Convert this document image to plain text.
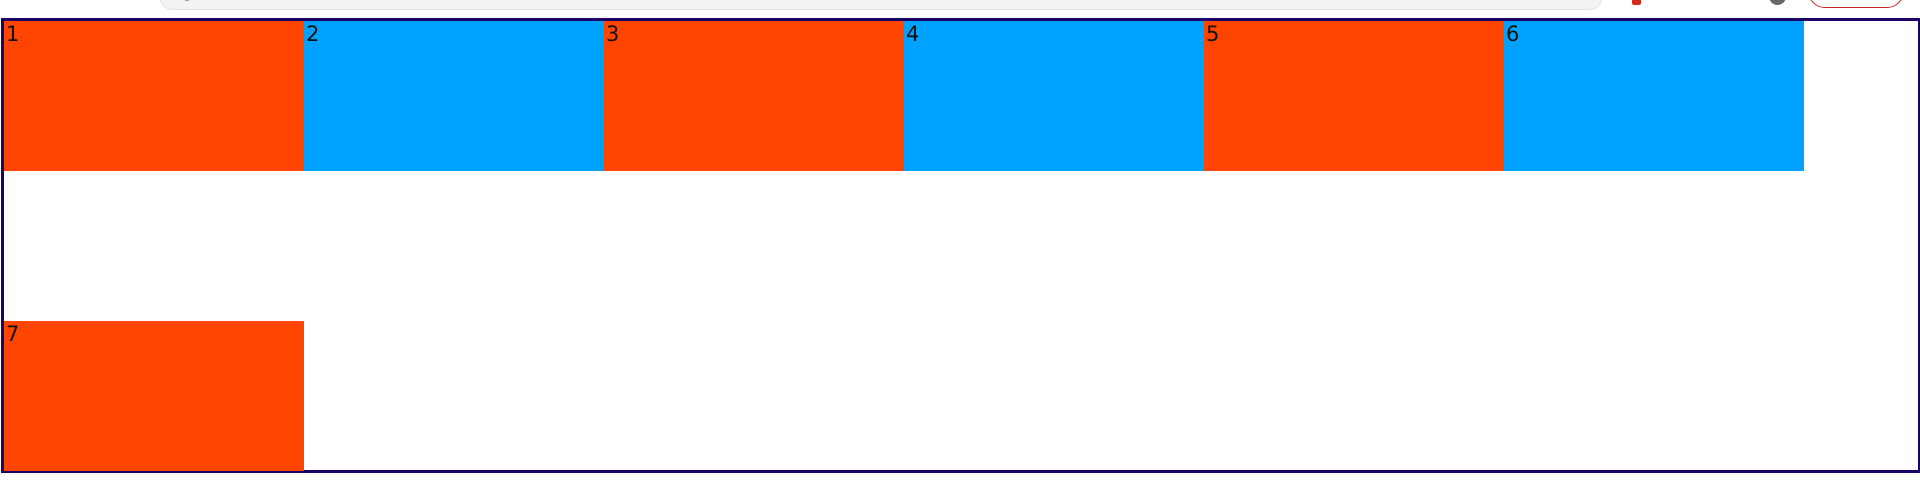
1	2	3	4	5	6
7
